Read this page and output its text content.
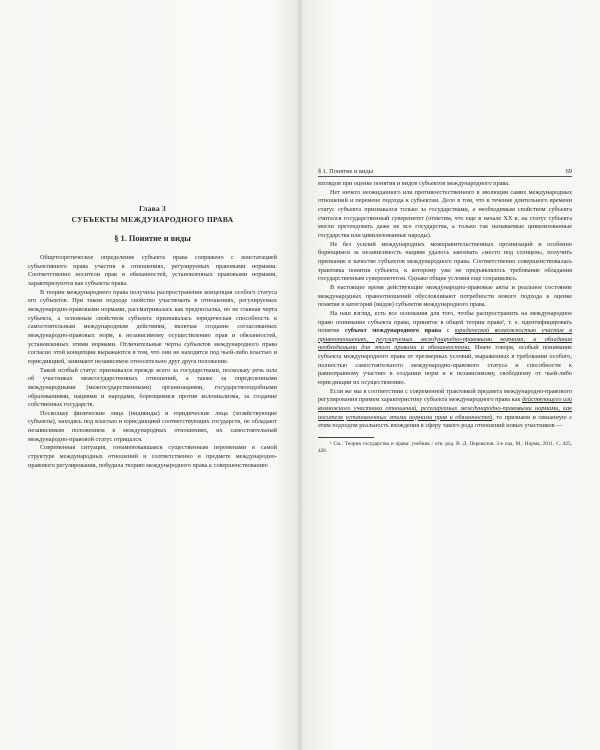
Глава 3
СУБЪЕКТЫ МЕЖДУНАРОДНОГО ПРАВА
§ 1. Понятие и виды

Общетеоретическое определение субъекта права сопряжено с констатацией субъективного права участия в отношениях, регулируемых правовыми нормами. Соответственно носители прав и обязанностей, установленных правовыми нормами, характеризуются как субъекты права.

В теории международного права получила распространение концепция особого статуса его субъектов. При таком подходе свойство участвовать в отношениях, регулируемых международно-правовыми нормами, рассматривалась как предпосылка, но не главная черта субъекта, а основным свойством субъекта признавалась юридическая способность к самостоятельным международным действиям, включая создание согласованных международно-правовых норм, к независимому осуществлению прав и обязанностей, установленных этими нормами. Отличительные черты субъектов международного права согласно этой концепции выражаются в том, что они не находятся под чьей-либо властью и юрисдикцией, занимают независимое относительно друг друга положение.

Такой особый статус признавался прежде всего за государствами, поскольку речь шла об участниках межгосударственных отношений, а также за определенными международными (межгосударственными) организациями, государствоподобными образованиями, нациями и народами, борющимися против колониализма, за создание собственных государств.

Поскольку физические лица (индивиды) и юридические лица (хозяйствующие субъекты), находясь под властью и юрисдикцией соответствующих государств, не обладают независимым положением в международных отношениях, их самостоятельный международно-правовой статус отрицался.

Современная ситуация, ознаменовавшаяся существенным переменами в самой структуре международных отношений и соответственно в предмете международно-правового регулирования, побудила теорию международного права к совершенствованию

§ 1. Понятие и виды	69

взглядов при оценке понятия и видов субъектов международного права.

Нет ничего неожиданного или противоестественного в эволюции самих международных отношений и перемене подхода к субъектам. Дело в том, что в течение длительного времени статус субъекта признавался только за государствами, а необходимым свойством субъекта считался государственный суверенитет (отметим, что еще в начале XX в. на статус субъекта могли претендовать даже не все государства, а только так называемые цивилизованные государства или цивилизованные народы).

Не без усилий международных межправительственных организаций и особенно борющимся за независимость нациям удалось завоевать «место под солнцем», получить признание в качестве субъектов международного права. Соответственно совершенствовалась трактовка понятия субъекта, к которому уже не предъявлялось требование обладания государственным суверенитетом. Однако общие условия еще сохранялись.

В настоящее время действующие международно-правовые акты и реальное состояние международных правоотношений обусловливают потребности нового подхода к оценке понятия и категорий (видов) субъектов международного права.

На наш взгляд, есть все основания для того, чтобы распространить на международное право понимание субъекта права, принятое в общей теории права¹, т. е. идентифицировать понятие субъект международного права с юридической возможностью участия в правоотношениях, регулируемых международно-правовыми нормами, и обладания необходимыми для этого правами и обязанностями. Иначе говоря, особый понимание субъекта международного права от чрезмерных условий, выраженных в требовании особого, полностью самостоятельного международно-правового статуса и способности к равноправному участию в создании норм и к независимому, свободному от чьей-либо юрисдикции их осуществлению.

Если же мы в соответствии с современной трактовкой предмета международно-правового регулирования примем характеристику субъекта международного права как действующего или возможного участника отношений, регулируемых международно-правовыми нормами, как носителя установленных этими нормами прав и обязанностей, то признаем и связанную с этим подходом реальность вхождения в сферу такого рода отношений новых участников —

¹ См.: Теория государства и права: учебник / отв. ред. В. Д. Перевалов. 3-е изд. М.: Норма, 2011. С. 425, 426.
